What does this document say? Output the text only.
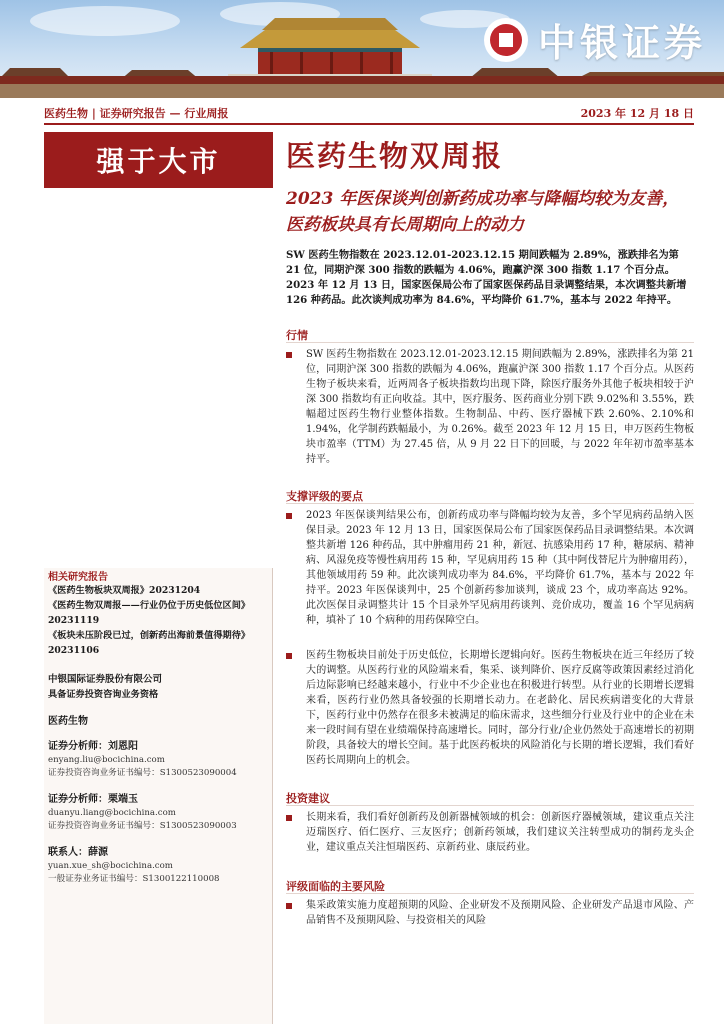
中银证券
医药生物 | 证券研究报告 — 行业周报	2023 年 12 月 18 日
强于大市
相关研究报告
《医药生物板块双周报》20231204
《医药生物双周报——行业仍位于历史低位区间》20231119
《板块未压阶段已过，创新药出海前景值得期待》20231106
中银国际证券股份有限公司
具备证券投资咨询业务资格
医药生物
证券分析师：刘恩阳
enyang.liu@bocichina.com
证券投资咨询业务证书编号：S1300523090004
证券分析师：栗端玉
duanyu.liang@bocichina.com
证券投资咨询业务证书编号：S1300523090003
联系人：薛源
yuan.xue_sh@bocichina.com
一般证券业务证书编号：S1300122110008
医药生物双周报
2023 年医保谈判创新药成功率与降幅均较为友善，医药板块具有长周期向上的动力
SW 医药生物指数在 2023.12.01-2023.12.15 期间跌幅为 2.89%，涨跌排名为第 21 位，同期沪深 300 指数的跌幅为 4.06%，跑赢沪深 300 指数 1.17 个百分点。2023 年 12 月 13 日，国家医保局公布了国家医保药品目录调整结果，本次调整共新增 126 种药品。此次谈判成功率为 84.6%，平均降价 61.7%，基本与 2022 年持平。
行情
SW 医药生物指数在 2023.12.01-2023.12.15 期间跌幅为 2.89%，涨跌排名为第 21 位，同期沪深 300 指数的跌幅为 4.06%，跑赢沪深 300 指数 1.17 个百分点。从医药生物子板块来看，近两周各子板块指数均出现下降，除医疗服务外其他子板块相较于沪深 300 指数均有正向收益。其中，医疗服务、医药商业分别下跌 9.02%和 3.55%，跌幅超过医药生物行业整体指数。生物制品、中药、医疗器械下跌 2.60%、2.10%和 1.94%，化学制药跌幅最小，为 0.26%。截至 2023 年 12 月 15 日，申万医药生物板块市盈率（TTM）为 27.45 倍，从 9 月 22 日下的回暖，与 2022 年年初市盈率基本持平。
支撑评级的要点
2023 年医保谈判结果公布，创新药成功率与降幅均较为友善，多个罕见病药品纳入医保目录。2023 年 12 月 13 日，国家医保局公布了国家医保药品目录调整结果。本次调整共新增 126 种药品，其中肿瘤用药 21 种，新冠、抗感染用药 17 种，糖尿病、精神病、风湿免疫等慢性病用药 15 种，罕见病用药 15 种（其中阿伐替尼片为肿瘤用药），其他领域用药 59 种。此次谈判成功率为 84.6%，平均降价 61.7%，基本与 2022 年持平。2023 年医保谈判中，25 个创新药参加谈判，谈成 23 个，成功率高达 92%。此次医保目录调整共计 15 个目录外罕见病用药谈判、竞价成功，覆盖 16 个罕见病病种，填补了 10 个病种的用药保障空白。
医药生物板块目前处于历史低位，长期增长逻辑向好。医药生物板块在近三年经历了较大的调整。从医药行业的风险端来看，集采、谈判降价、医疗反腐等政策因素经过消化后边际影响已经越来越小，行业中不少企业也在积极进行转型。从行业的长期增长逻辑来看，医药行业仍然具备较强的长期增长动力。在老龄化、居民疾病谱变化的大背景下，医药行业中仍然存在很多未被满足的临床需求，这些细分行业及行业中的企业在未来一段时间有望在业绩端保持高速增长。同时，部分行业/企业仍然处于高速增长的初期阶段，具备较大的增长空间。基于此医药板块的风险消化与长期的增长逻辑，我们看好医药长周期向上的机会。
投资建议
长期来看，我们看好创新药及创新器械领域的机会：创新医疗器械领域，建议重点关注迈瑞医疗、佰仁医疗、三友医疗；创新药领域，我们建议关注转型成功的制药龙头企业，建议重点关注恒瑞医药、京新药业、康辰药业。
评级面临的主要风险
集采政策实施力度超预期的风险、企业研发不及预期风险、企业研发产品退市风险、产品销售不及预期风险、与投资相关的风险
